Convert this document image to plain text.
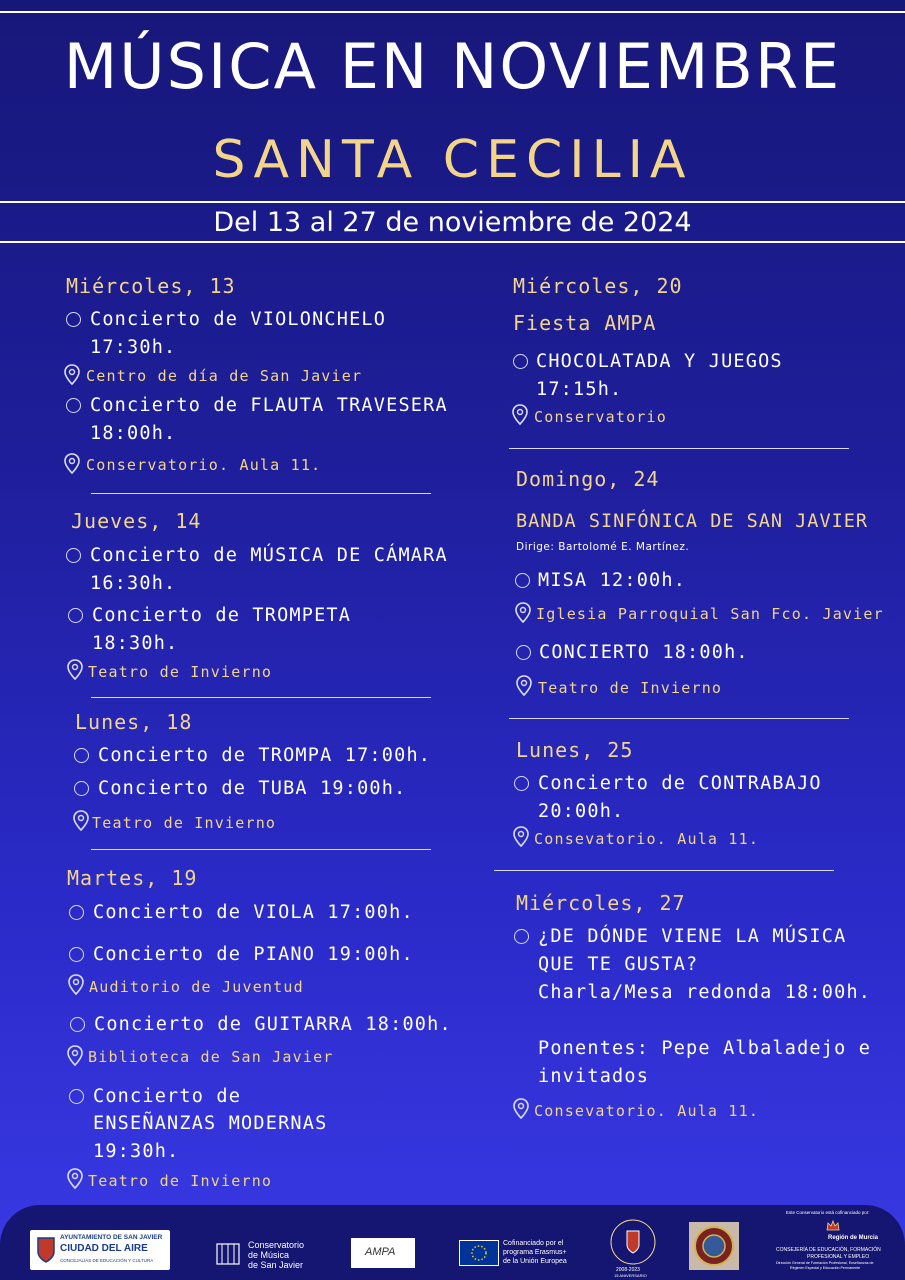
MÚSICA EN NOVIEMBRE
SANTA CECILIA
Del 13 al 27 de noviembre de 2024
Miércoles, 13
Concierto de VIOLONCHELO
17:30h.
Centro de día de San Javier
Concierto de FLAUTA TRAVESERA
18:00h.
Conservatorio. Aula 11.
Jueves, 14
Concierto de MÚSICA DE CÁMARA
16:30h.
Concierto de TROMPETA
18:30h.
Teatro de Invierno
Lunes, 18
Concierto de TROMPA 17:00h.
Concierto de TUBA 19:00h.
Teatro de Invierno
Martes, 19
Concierto de VIOLA 17:00h.
Concierto de PIANO 19:00h.
Auditorio de Juventud
Concierto de GUITARRA 18:00h.
Biblioteca de San Javier
Concierto de
ENSEÑANZAS MODERNAS
19:30h.
Teatro de Invierno
Miércoles, 20
Fiesta AMPA
CHOCOLATADA Y JUEGOS
17:15h.
Conservatorio
Domingo, 24
BANDA SINFÓNICA DE SAN JAVIER
Dirige: Bartolomé E. Martínez.
MISA 12:00h.
Iglesia Parroquial San Fco. Javier
CONCIERTO 18:00h.
Teatro de Invierno
Lunes, 25
Concierto de CONTRABAJO
20:00h.
Consevatorio. Aula 11.
Miércoles, 27
¿DE DÓNDE VIENE LA MÚSICA
QUE TE GUSTA?
Charla/Mesa redonda 18:00h.
Ponentes: Pepe Albaladejo e
invitados
Consevatorio. Aula 11.
AYUNTAMIENTO DE SAN JAVIER
CIUDAD DEL AIRE
CONCEJALÍAS DE EDUCACIÓN Y CULTURA
Conservatorio
de Música
de San Javier
AMPA
Cofinanciado por el
programa Erasmus+
de la Unión Europea
2008-2023
15 ANIVERSARIO
Este Conservatorio está cofinanciado por:
Región de Murcia
CONSEJERÍA DE EDUCACIÓN, FORMACIÓN
PROFESIONAL Y EMPLEO
Dirección General de Formación Profesional, Enseñanzas de
Régimen Especial y Educación Permanente
